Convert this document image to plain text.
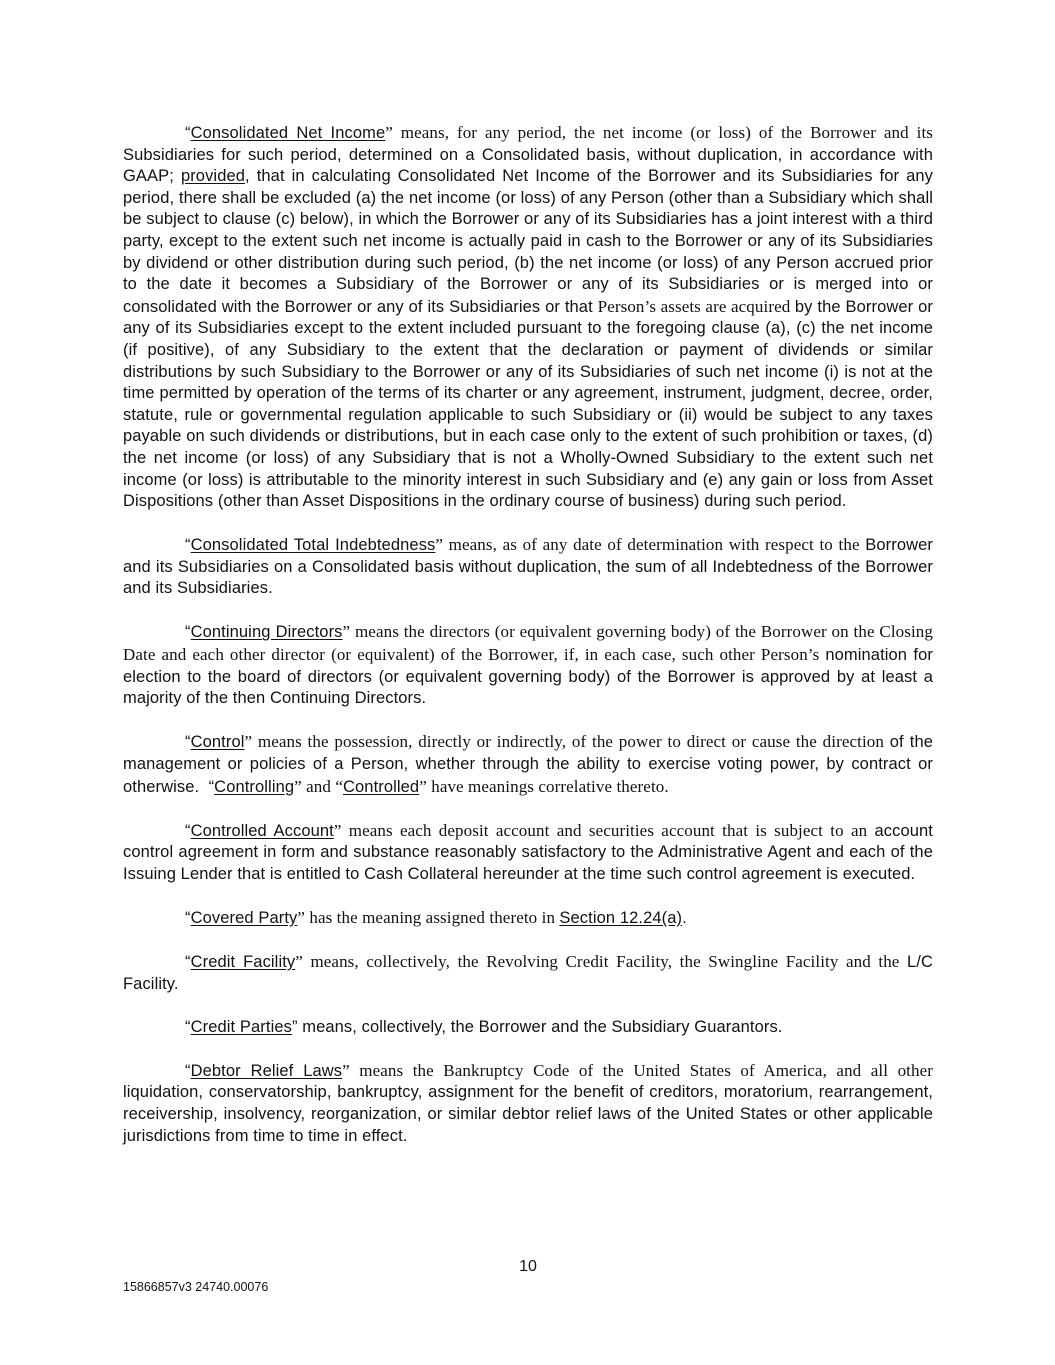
“Consolidated Net Income” means, for any period, the net income (or loss) of the Borrower and its Subsidiaries for such period, determined on a Consolidated basis, without duplication, in accordance with GAAP; provided, that in calculating Consolidated Net Income of the Borrower and its Subsidiaries for any period, there shall be excluded (a) the net income (or loss) of any Person (other than a Subsidiary which shall be subject to clause (c) below), in which the Borrower or any of its Subsidiaries has a joint interest with a third party, except to the extent such net income is actually paid in cash to the Borrower or any of its Subsidiaries by dividend or other distribution during such period, (b) the net income (or loss) of any Person accrued prior to the date it becomes a Subsidiary of the Borrower or any of its Subsidiaries or is merged into or consolidated with the Borrower or any of its Subsidiaries or that Person’s assets are acquired by the Borrower or any of its Subsidiaries except to the extent included pursuant to the foregoing clause (a), (c) the net income (if positive), of any Subsidiary to the extent that the declaration or payment of dividends or similar distributions by such Subsidiary to the Borrower or any of its Subsidiaries of such net income (i) is not at the time permitted by operation of the terms of its charter or any agreement, instrument, judgment, decree, order, statute, rule or governmental regulation applicable to such Subsidiary or (ii) would be subject to any taxes payable on such dividends or distributions, but in each case only to the extent of such prohibition or taxes, (d) the net income (or loss) of any Subsidiary that is not a Wholly-Owned Subsidiary to the extent such net income (or loss) is attributable to the minority interest in such Subsidiary and (e) any gain or loss from Asset Dispositions (other than Asset Dispositions in the ordinary course of business) during such period.

“Consolidated Total Indebtedness” means, as of any date of determination with respect to the Borrower and its Subsidiaries on a Consolidated basis without duplication, the sum of all Indebtedness of the Borrower and its Subsidiaries.

“Continuing Directors” means the directors (or equivalent governing body) of the Borrower on the Closing Date and each other director (or equivalent) of the Borrower, if, in each case, such other Person’s nomination for election to the board of directors (or equivalent governing body) of the Borrower is approved by at least a majority of the then Continuing Directors.

“Control” means the possession, directly or indirectly, of the power to direct or cause the direction of the management or policies of a Person, whether through the ability to exercise voting power, by contract or otherwise.  “Controlling” and “Controlled” have meanings correlative thereto.

“Controlled Account” means each deposit account and securities account that is subject to an account control agreement in form and substance reasonably satisfactory to the Administrative Agent and each of the Issuing Lender that is entitled to Cash Collateral hereunder at the time such control agreement is executed.

“Covered Party” has the meaning assigned thereto in Section 12.24(a).

“Credit Facility” means, collectively, the Revolving Credit Facility, the Swingline Facility and the L/C Facility.

“Credit Parties” means, collectively, the Borrower and the Subsidiary Guarantors.

“Debtor Relief Laws” means the Bankruptcy Code of the United States of America, and all other liquidation, conservatorship, bankruptcy, assignment for the benefit of creditors, moratorium, rearrangement, receivership, insolvency, reorganization, or similar debtor relief laws of the United States or other applicable jurisdictions from time to time in effect.

10
15866857v3 24740.00076
